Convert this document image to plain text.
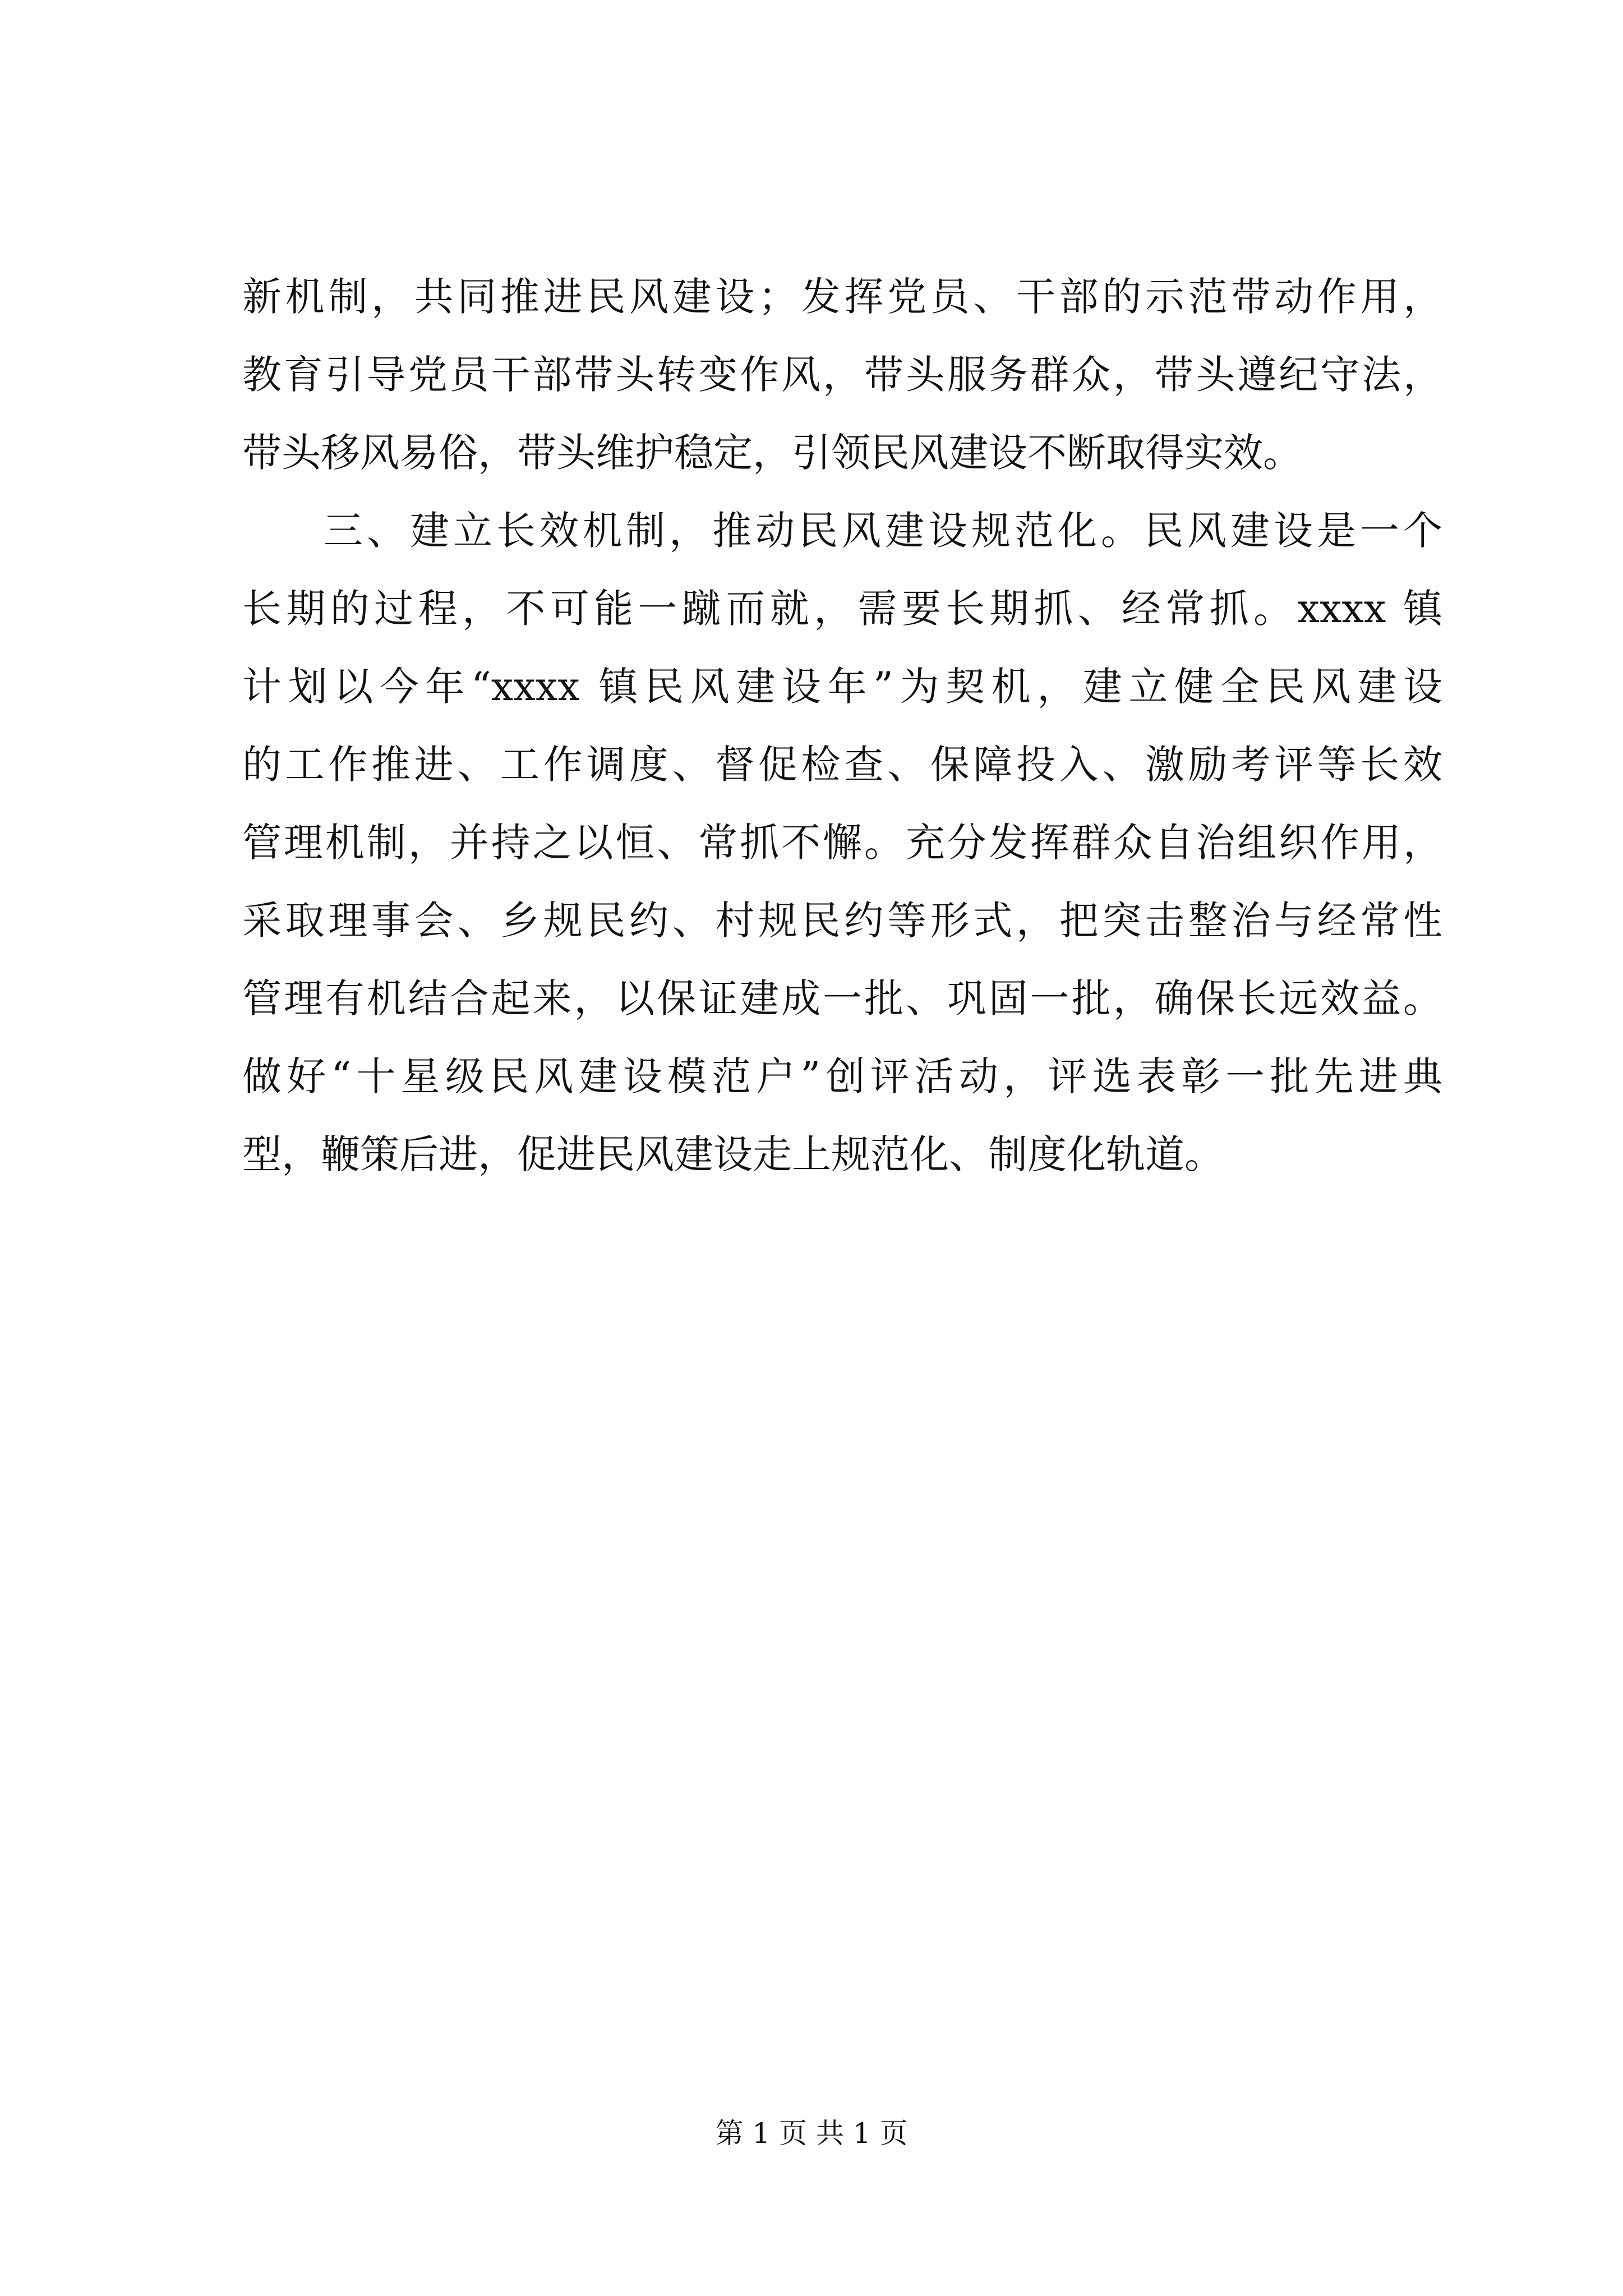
新机制，共同推进民风建设；发挥党员、干部的示范带动作用，
教育引导党员干部带头转变作风，带头服务群众，带头遵纪守法，
带头移风易俗，带头维护稳定，引领民风建设不断取得实效。
三、建立长效机制，推动民风建设规范化。民风建设是一个
长期的过程，不可能一蹴而就，需要长期抓、经常抓。xxxx 镇
计划以今年“xxxx 镇民风建设年”为契机，建立健全民风建设
的工作推进、工作调度、督促检查、保障投入、激励考评等长效
管理机制，并持之以恒、常抓不懈。充分发挥群众自治组织作用，
采取理事会、乡规民约、村规民约等形式，把突击整治与经常性
管理有机结合起来，以保证建成一批、巩固一批，确保长远效益。
做好“十星级民风建设模范户”创评活动，评选表彰一批先进典
型，鞭策后进，促进民风建设走上规范化、制度化轨道。
第 1 页 共 1 页
